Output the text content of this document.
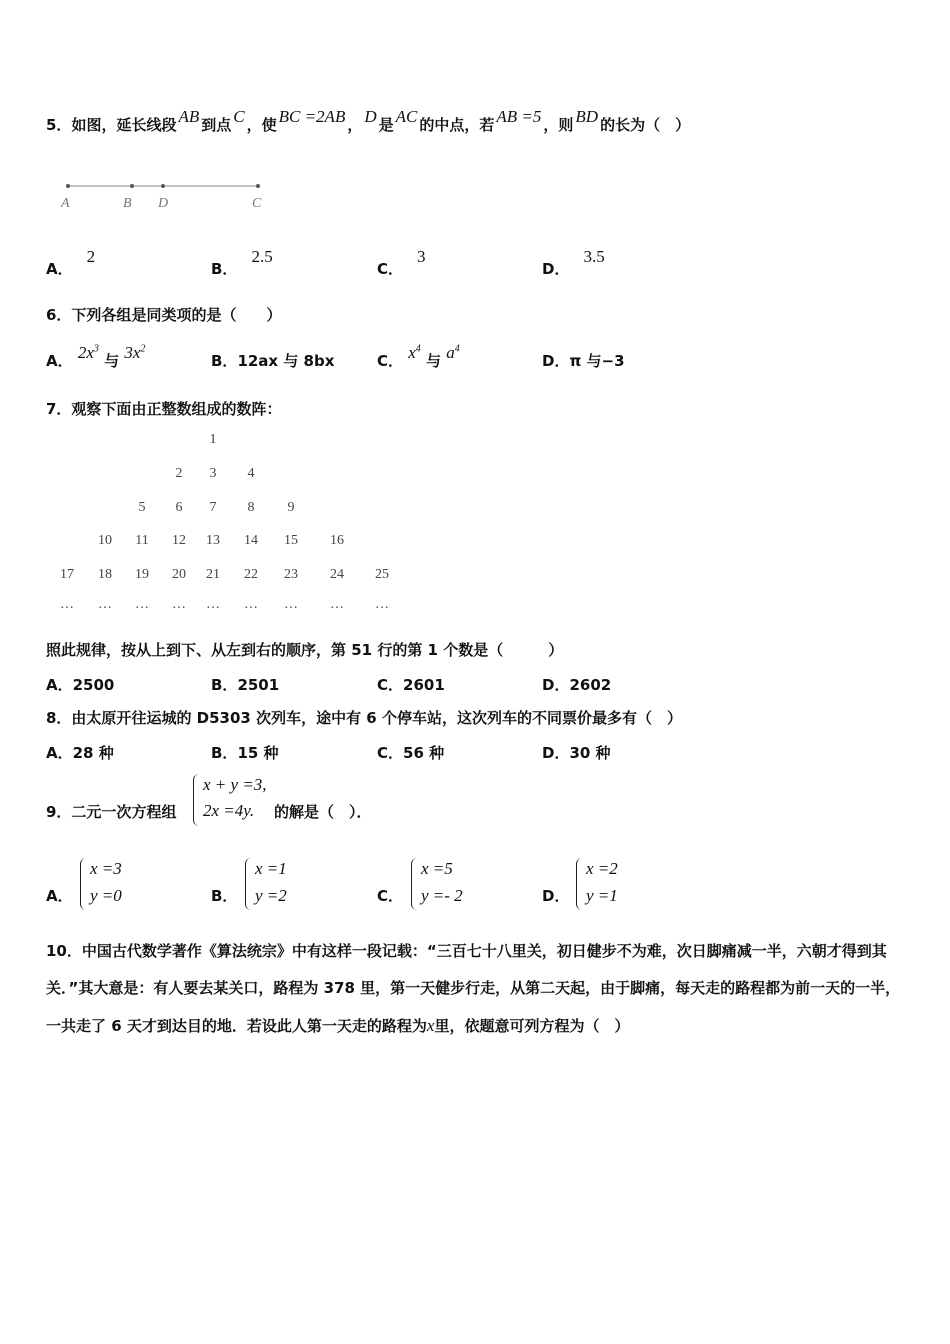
5．如图，延长线段 AB 到点 C ，使 BC =2AB ， D 是 AC 的中点，若 AB =5 ，则 BD 的长为（　）
A	B D	C
A．2
B．2.5
C．3
D．3.5
6．下列各组是同类项的是（　　）
A． $2x^3$ 与 $3x^2$
B．12ax 与 8bx	C． $x^4$ 与 $a^4$
D．π 与−3
7．观察下面由正整数组成的数阵：
1
2	3	4
5	6	7	8	9
10	11	12	13	14	15	16
17	18	19	20	21	22	23	24	25
…	…	…	…	…	…	…	…	…
照此规律，按从上到下、从左到右的顺序，第 51 行的第 1 个数是（　　　）
A．2500	B．2501	C．2601	D．2602
8．由太原开往运城的 D5303 次列车，途中有 6 个停车站，这次列车的不同票价最多有（　）
A．28 种	B．15 种	C．56 种	D．30 种
9．二元一次方程组
x + y =3,
2x =4y. 的解是（　）．
A．
x =3
y =0	B．
x =1
y =2	C．
x =5
y =- 2	D．
x =2
y =1
10．中国古代数学著作《算法统宗》中有这样一段记载：“三百七十八里关，初日健步不为难，次日脚痛减一半，六朝才得到其关．”其大意是：有人要去某关口，路程为 378 里，第一天健步行走，从第二天起，由于脚痛，每天走的路程都为前一天的一半，一共走了 6 天才到达目的地．若设此人第一天走的路程为x里，依题意可列方程为（　）
